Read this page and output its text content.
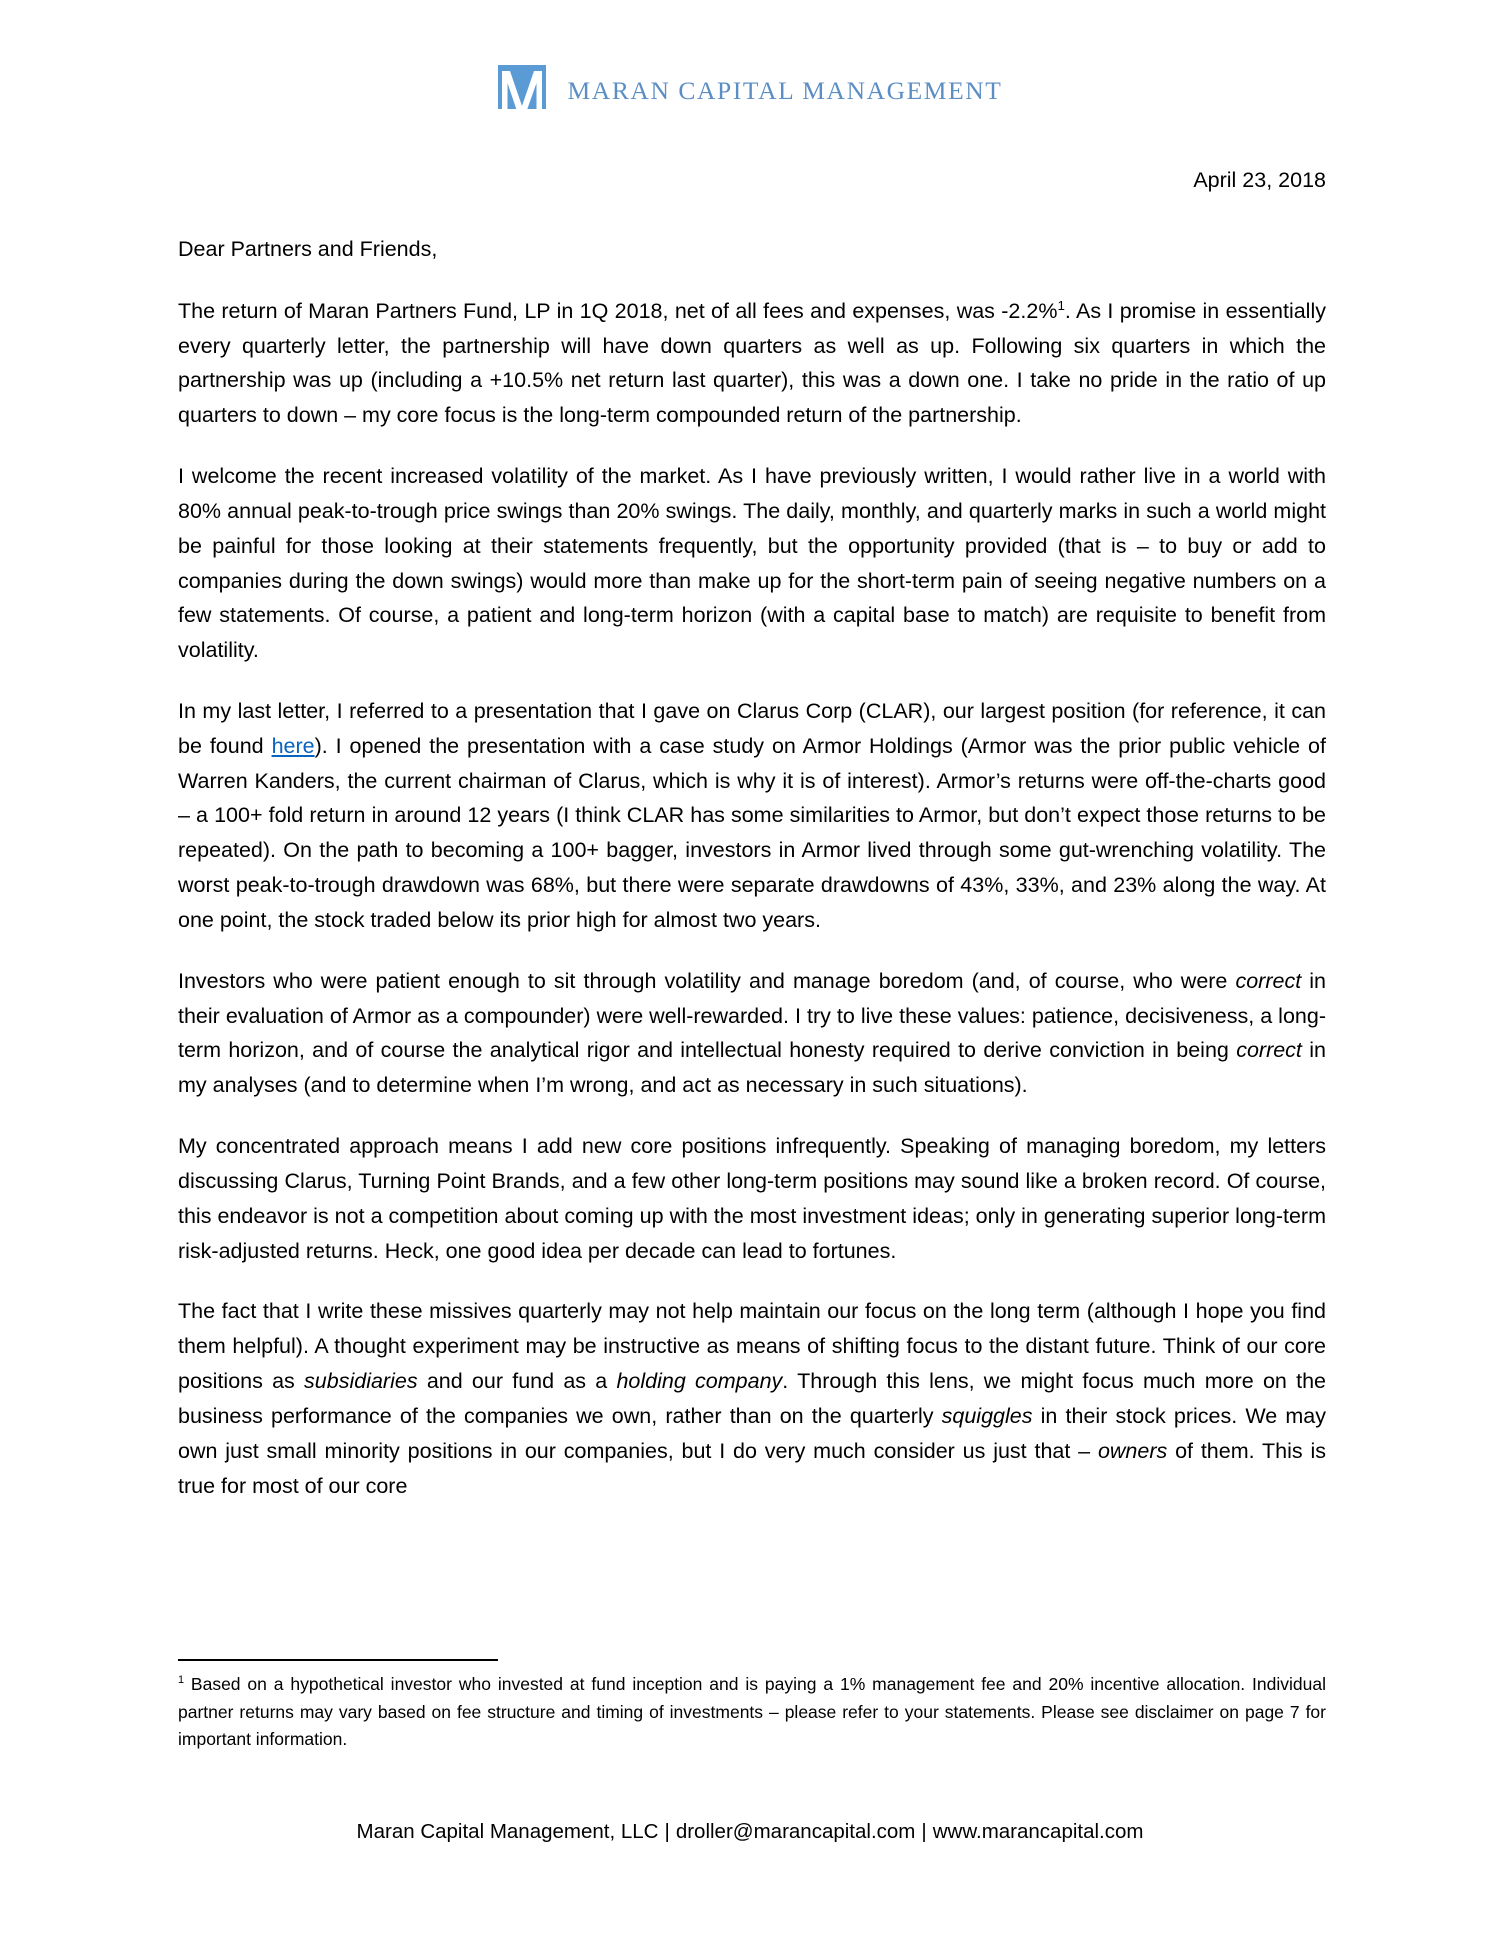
MARAN CAPITAL MANAGEMENT
April 23, 2018
Dear Partners and Friends,

The return of Maran Partners Fund, LP in 1Q 2018, net of all fees and expenses, was -2.2%$^1$. As I promise in essentially every quarterly letter, the partnership will have down quarters as well as up. Following six quarters in which the partnership was up (including a +10.5% net return last quarter), this was a down one. I take no pride in the ratio of up quarters to down – my core focus is the long-term compounded return of the partnership.

I welcome the recent increased volatility of the market. As I have previously written, I would rather live in a world with 80% annual peak-to-trough price swings than 20% swings. The daily, monthly, and quarterly marks in such a world might be painful for those looking at their statements frequently, but the opportunity provided (that is – to buy or add to companies during the down swings) would more than make up for the short-term pain of seeing negative numbers on a few statements. Of course, a patient and long-term horizon (with a capital base to match) are requisite to benefit from volatility.

In my last letter, I referred to a presentation that I gave on Clarus Corp (CLAR), our largest position (for reference, it can be found here). I opened the presentation with a case study on Armor Holdings (Armor was the prior public vehicle of Warren Kanders, the current chairman of Clarus, which is why it is of interest). Armor’s returns were off-the-charts good – a 100+ fold return in around 12 years (I think CLAR has some similarities to Armor, but don’t expect those returns to be repeated). On the path to becoming a 100+ bagger, investors in Armor lived through some gut-wrenching volatility. The worst peak-to-trough drawdown was 68%, but there were separate drawdowns of 43%, 33%, and 23% along the way. At one point, the stock traded below its prior high for almost two years.

Investors who were patient enough to sit through volatility and manage boredom (and, of course, who were correct in their evaluation of Armor as a compounder) were well-rewarded. I try to live these values: patience, decisiveness, a long-term horizon, and of course the analytical rigor and intellectual honesty required to derive conviction in being correct in my analyses (and to determine when I’m wrong, and act as necessary in such situations).

My concentrated approach means I add new core positions infrequently. Speaking of managing boredom, my letters discussing Clarus, Turning Point Brands, and a few other long-term positions may sound like a broken record. Of course, this endeavor is not a competition about coming up with the most investment ideas; only in generating superior long-term risk-adjusted returns. Heck, one good idea per decade can lead to fortunes.

The fact that I write these missives quarterly may not help maintain our focus on the long term (although I hope you find them helpful). A thought experiment may be instructive as means of shifting focus to the distant future. Think of our core positions as subsidiaries and our fund as a holding company. Through this lens, we might focus much more on the business performance of the companies we own, rather than on the quarterly squiggles in their stock prices. We may own just small minority positions in our companies, but I do very much consider us just that – owners of them. This is true for most of our core

$^1$ Based on a hypothetical investor who invested at fund inception and is paying a 1% management fee and 20% incentive allocation. Individual partner returns may vary based on fee structure and timing of investments – please refer to your statements. Please see disclaimer on page 7 for important information.

Maran Capital Management, LLC | droller@marancapital.com | www.marancapital.com
